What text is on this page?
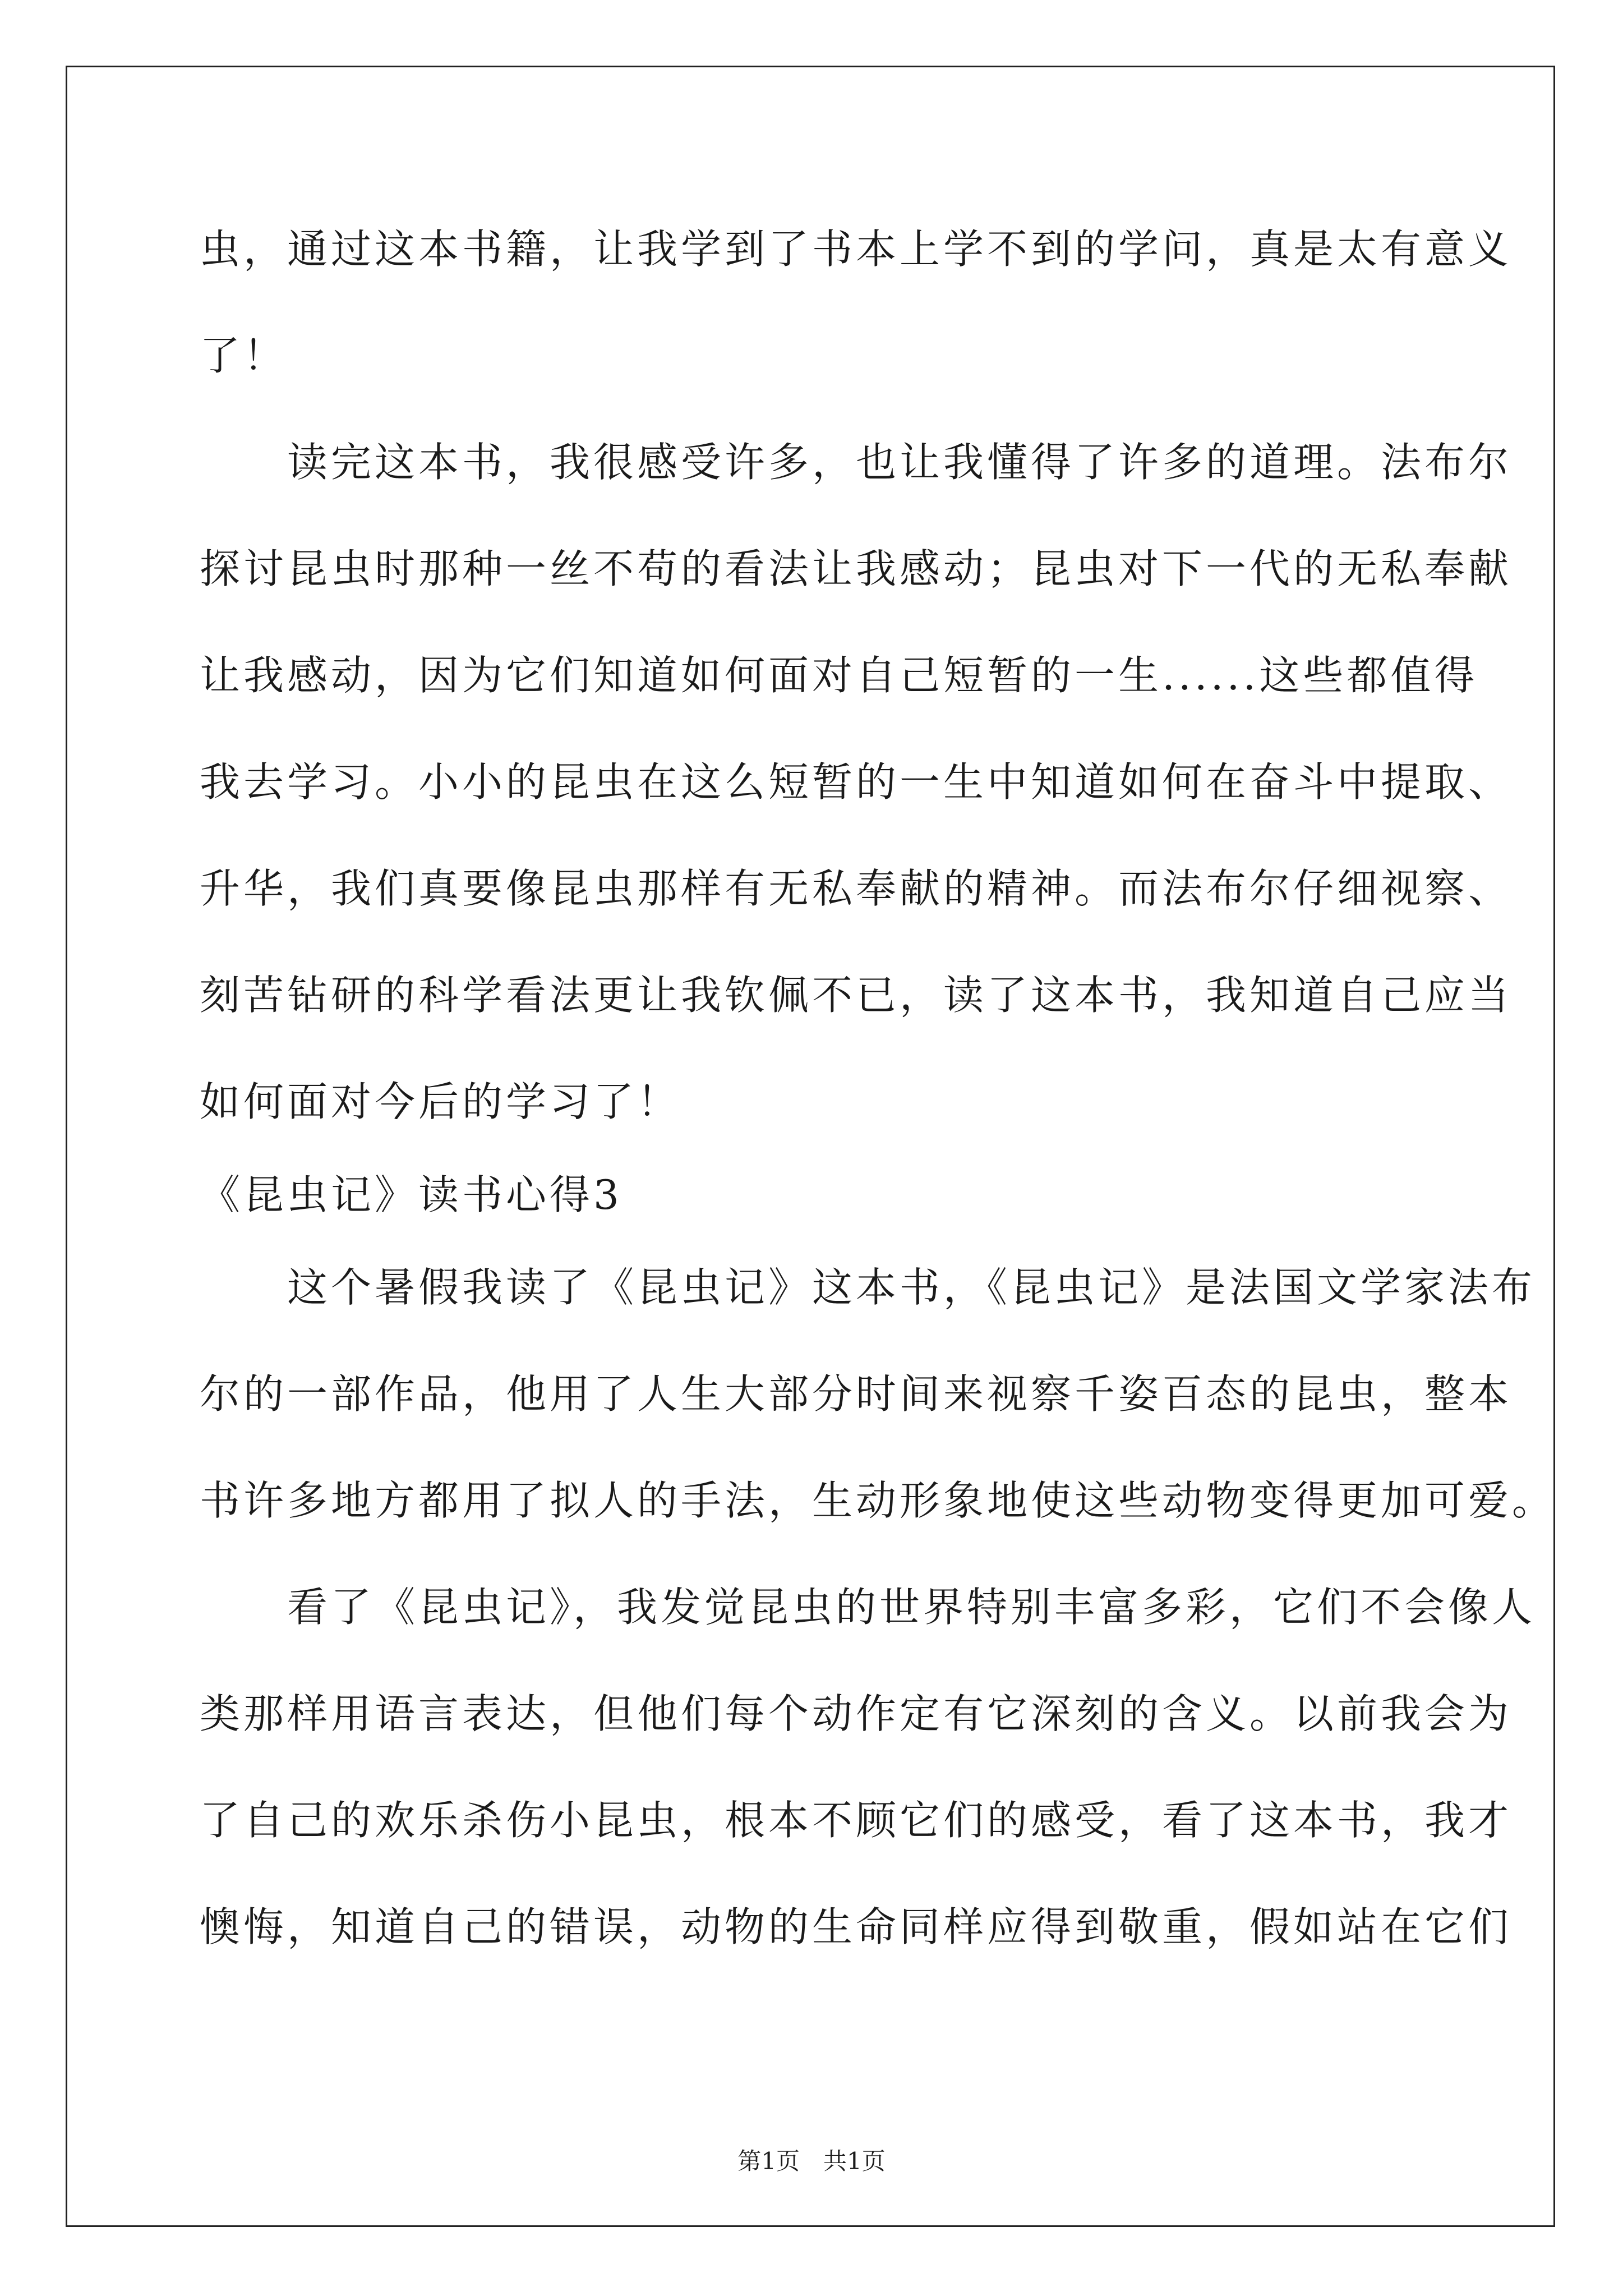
虫，通过这本书籍，让我学到了书本上学不到的学问，真是太有意义
了！
　　读完这本书，我很感受许多，也让我懂得了许多的道理。法布尔
探讨昆虫时那种一丝不苟的看法让我感动；昆虫对下一代的无私奉献
让我感动，因为它们知道如何面对自己短暂的一生......这些都值得
我去学习。小小的昆虫在这么短暂的一生中知道如何在奋斗中提取、
升华，我们真要像昆虫那样有无私奉献的精神。而法布尔仔细视察、
刻苦钻研的科学看法更让我钦佩不已，读了这本书，我知道自己应当
如何面对今后的学习了！
《昆虫记》读书心得3
　　这个暑假我读了《昆虫记》这本书，《昆虫记》是法国文学家法布
尔的一部作品，他用了人生大部分时间来视察千姿百态的昆虫，整本
书许多地方都用了拟人的手法，生动形象地使这些动物变得更加可爱。
　　看了《昆虫记》，我发觉昆虫的世界特别丰富多彩，它们不会像人
类那样用语言表达，但他们每个动作定有它深刻的含义。以前我会为
了自己的欢乐杀伤小昆虫，根本不顾它们的感受，看了这本书，我才
懊悔，知道自己的错误，动物的生命同样应得到敬重，假如站在它们
第1页　共1页
